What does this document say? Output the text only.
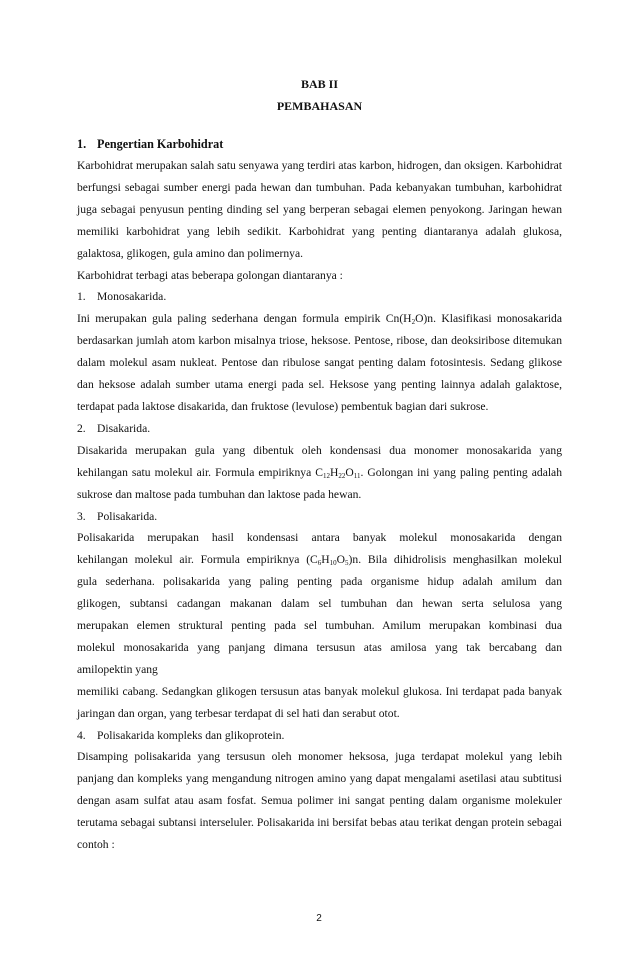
BAB II
PEMBAHASAN
1. Pengertian Karbohidrat

Karbohidrat merupakan salah satu senyawa yang terdiri atas karbon, hidrogen, dan oksigen. Karbohidrat berfungsi sebagai sumber energi pada hewan dan tumbuhan. Pada kebanyakan tumbuhan, karbohidrat juga sebagai penyusun penting dinding sel yang berperan sebagai elemen penyokong. Jaringan hewan memiliki karbohidrat yang lebih sedikit. Karbohidrat yang penting diantaranya adalah glukosa, galaktosa, glikogen, gula amino dan polimernya.

Karbohidrat terbagi atas beberapa golongan diantaranya :

1. Monosakarida.

Ini merupakan gula paling sederhana dengan formula empirik $Cn(H_2O)n$. Klasifikasi monosakarida berdasarkan jumlah atom karbon misalnya triose, heksose. Pentose, ribose, dan deoksiribose ditemukan dalam molekul asam nukleat. Pentose dan ribulose sangat penting dalam fotosintesis. Sedang glikose dan heksose adalah sumber utama energi pada sel. Heksose yang penting lainnya adalah galaktose, terdapat pada laktose disakarida, dan fruktose (levulose) pembentuk bagian dari sukrose.

2. Disakarida.

Disakarida merupakan gula yang dibentuk oleh kondensasi dua monomer monosakarida yang kehilangan satu molekul air. Formula empiriknya $C_{12}H_{22}O_{11}$. Golongan ini yang paling penting adalah sukrose dan maltose pada tumbuhan dan laktose pada hewan.

3. Polisakarida.

Polisakarida merupakan hasil kondensasi antara banyak molekul monosakarida dengan
kehilangan molekul air. Formula empiriknya $(C_6H_{10}O_5)n$. Bila dihidrolisis menghasilkan molekul
gula sederhana. polisakarida yang paling penting pada organisme hidup adalah amilum dan
glikogen, subtansi cadangan makanan dalam sel tumbuhan dan hewan serta selulosa yang
merupakan elemen struktural penting pada sel tumbuhan. Amilum merupakan kombinasi dua
molekul monosakarida yang panjang dimana tersusun atas amilosa yang tak bercabang dan
amilopektin yang

memiliki cabang. Sedangkan glikogen tersusun atas banyak molekul glukosa. Ini terdapat pada banyak jaringan dan organ, yang terbesar terdapat di sel hati dan serabut otot.

4. Polisakarida kompleks dan glikoprotein.

Disamping polisakarida yang tersusun oleh monomer heksosa, juga terdapat molekul yang lebih panjang dan kompleks yang mengandung nitrogen amino yang dapat mengalami asetilasi atau subtitusi dengan asam sulfat atau asam fosfat. Semua polimer ini sangat penting dalam organisme molekuler terutama sebagai subtansi interseluler. Polisakarida ini bersifat bebas atau terikat dengan protein sebagai contoh :

2
